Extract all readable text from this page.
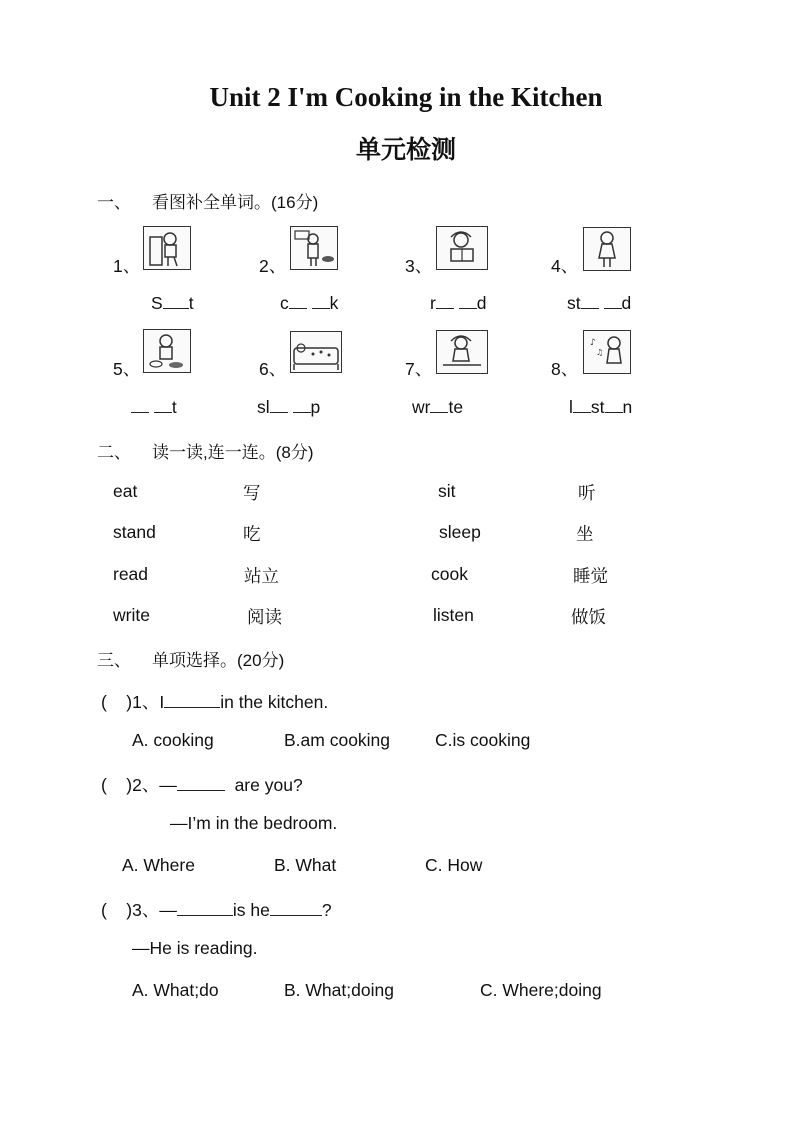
Unit 2 I'm Cooking in the Kitchen
单元检测
一、 看图补全单词。(16分)
1、	2、	3、	4、
S t	c k	r d	st d
5、	6、	7、	8、
♪
♫
t	sl p	wr te	l st n
二、 读一读,连一连。(8分)
eat	写	sit	听
stand	吃	sleep	坐
read	站立	cook	睡觉
write	阅读	listen	做饭
三、 单项选择。(20分)
(    )1、I	in the kitchen.
A. cooking	B.am cooking	C.is cooking
(    )2、—	are you?
—I’m in the bedroom.
A. Where	B. What	C. How
(    )3、—	is he	?
—He is reading.
A. What;do	B. What;doing	C. Where;doing
